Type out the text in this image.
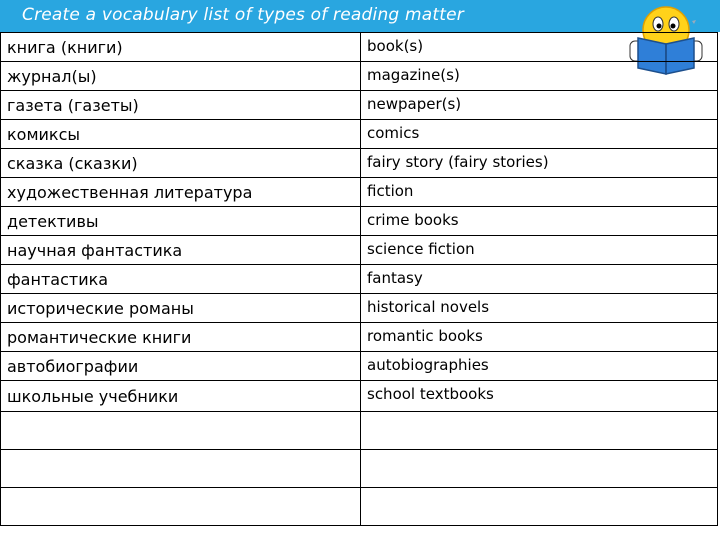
Create a vocabulary list of types of reading matter
книга (книги)	book(s)
журнал(ы)	magazine(s)
газета (газеты)	newpaper(s)
комиксы	comics
сказка (сказки)	fairy story (fairy stories)
художественная литература	fiction
детективы	crime books
научная фантастика	science fiction
фантастика	fantasy
исторические романы	historical novels
романтические книги	romantic books
автобиографии	autobiographies
школьные учебники	school textbooks
